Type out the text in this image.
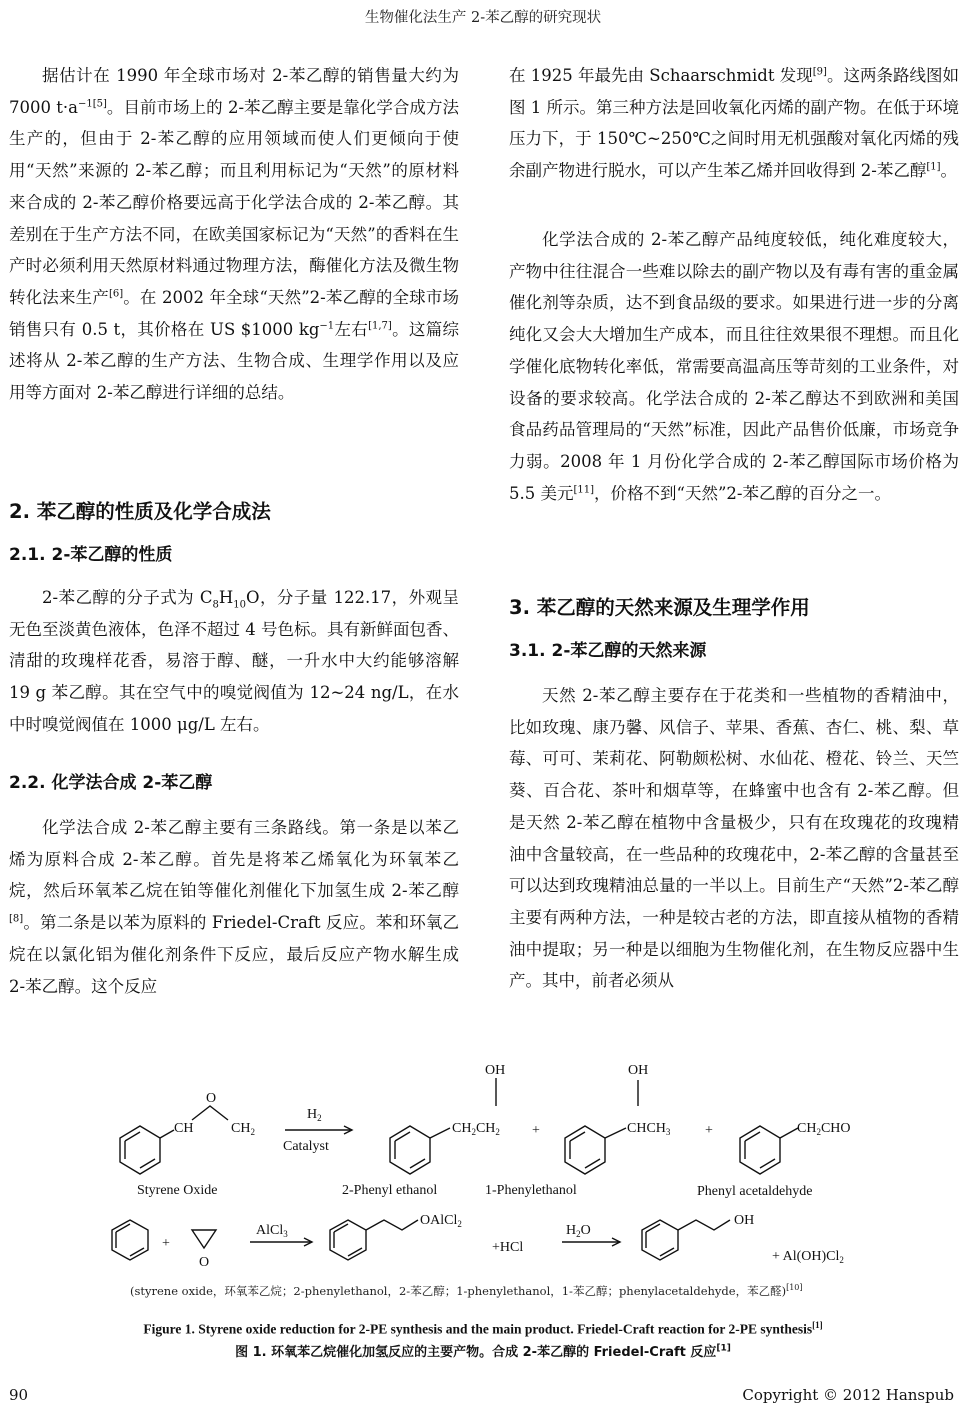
生物催化法生产 2-苯乙醇的研究现状

据估计在 1990 年全球市场对 2-苯乙醇的销售量大约为 7000 $t\cdot a^{-1[5]}$。目前市场上的 2-苯乙醇主要是靠化学合成方法生产的，但由于 2-苯乙醇的应用领域而使人们更倾向于使用“天然”来源的 2-苯乙醇；而且利用标记为“天然”的原材料来合成的 2-苯乙醇价格要远高于化学法合成的 2-苯乙醇。其差别在于生产方法不同，在欧美国家标记为“天然”的香料在生产时必须利用天然原材料通过物理方法，酶催化方法及微生物转化法来生产[6]。在 2002 年全球“天然”2-苯乙醇的全球市场销售只有 0.5 t，其价格在 US $1000 $kg^{-1}$左右[1,7]。这篇综述将从 2-苯乙醇的生产方法、生物合成、生理学作用以及应用等方面对 2-苯乙醇进行详细的总结。

2. 苯乙醇的性质及化学合成法
2.1. 2-苯乙醇的性质

2-苯乙醇的分子式为 $C_8H_{10}O$，分子量 122.17，外观呈无色至淡黄色液体，色泽不超过 4 号色标。具有新鲜面包香、清甜的玫瑰样花香，易溶于醇、醚，一升水中大约能够溶解 19 g 苯乙醇。其在空气中的嗅觉阀值为 12~24 ng/L，在水中时嗅觉阀值在 1000 μg/L 左右。

2.2. 化学法合成 2-苯乙醇

化学法合成 2-苯乙醇主要有三条路线。第一条是以苯乙烯为原料合成 2-苯乙醇。首先是将苯乙烯氧化为环氧苯乙烷，然后环氧苯乙烷在铂等催化剂催化下加氢生成 2-苯乙醇[8]。第二条是以苯为原料的 Friedel-Craft 反应。苯和环氧乙烷在以氯化铝为催化剂条件下反应，最后反应产物水解生成 2-苯乙醇。这个反应

在 1925 年最先由 Schaarschmidt 发现[9]。这两条路线图如图 1 所示。第三种方法是回收氧化丙烯的副产物。在低于环境压力下，于 150℃~250℃之间时用无机强酸对氧化丙烯的残余副产物进行脱水，可以产生苯乙烯并回收得到 2-苯乙醇[1]。

化学法合成的 2-苯乙醇产品纯度较低，纯化难度较大，产物中往往混合一些难以除去的副产物以及有毒有害的重金属催化剂等杂质，达不到食品级的要求。如果进行进一步的分离纯化又会大大增加生产成本，而且往往效果很不理想。而且化学催化底物转化率低，常需要高温高压等苛刻的工业条件，对设备的要求较高。化学法合成的 2-苯乙醇达不到欧洲和美国食品药品管理局的“天然”标准，因此产品售价低廉，市场竞争力弱。2008 年 1 月份化学合成的 2-苯乙醇国际市场价格为 5.5 美元[11]，价格不到“天然”2-苯乙醇的百分之一。

3. 苯乙醇的天然来源及生理学作用
3.1. 2-苯乙醇的天然来源

天然 2-苯乙醇主要存在于花类和一些植物的香精油中，比如玫瑰、康乃馨、风信子、苹果、香蕉、杏仁、桃、梨、草莓、可可、茉莉花、阿勒颇松树、水仙花、橙花、铃兰、天竺葵、百合花、茶叶和烟草等，在蜂蜜中也含有 2-苯乙醇。但是天然 2-苯乙醇在植物中含量极少，只有在玫瑰花的玫瑰精油中含量较高，在一些品种的玫瑰花中，2-苯乙醇的含量甚至可以达到玫瑰精油总量的一半以上。目前生产“天然”2-苯乙醇主要有两种方法，一种是较古老的方法，即直接从植物的香精油中提取；另一种是以细胞为生物催化剂，在生物反应器中生产。其中，前者必须从

CH	$CH_2$
O
$H_2$
Catalyst
OH
$CH_2CH_2$ +
OH
$CHCH_3$ +	$CH_2CHO$
Styrene Oxide	2-Phenyl ethanol	1-Phenylethanol	Phenyl acetaldehyde
+
O
AlCl$_3$
OAlCl$_2$
+HCl
$H_2O$
OH
+ $Al(OH)Cl_2$
(styrene oxide，环氧苯乙烷；2-phenylethanol，2-苯乙醇；1-phenylethanol，1-苯乙醇；phenylacetaldehyde，苯乙醛)[10]
Figure 1. Styrene oxide reduction for 2-PE synthesis and the main product. Friedel-Craft reaction for 2-PE synthesis[1]
图 1. 环氧苯乙烷催化加氢反应的主要产物。合成 2-苯乙醇的 Friedel-Craft 反应[1]
90	Copyright © 2012 Hanspub
